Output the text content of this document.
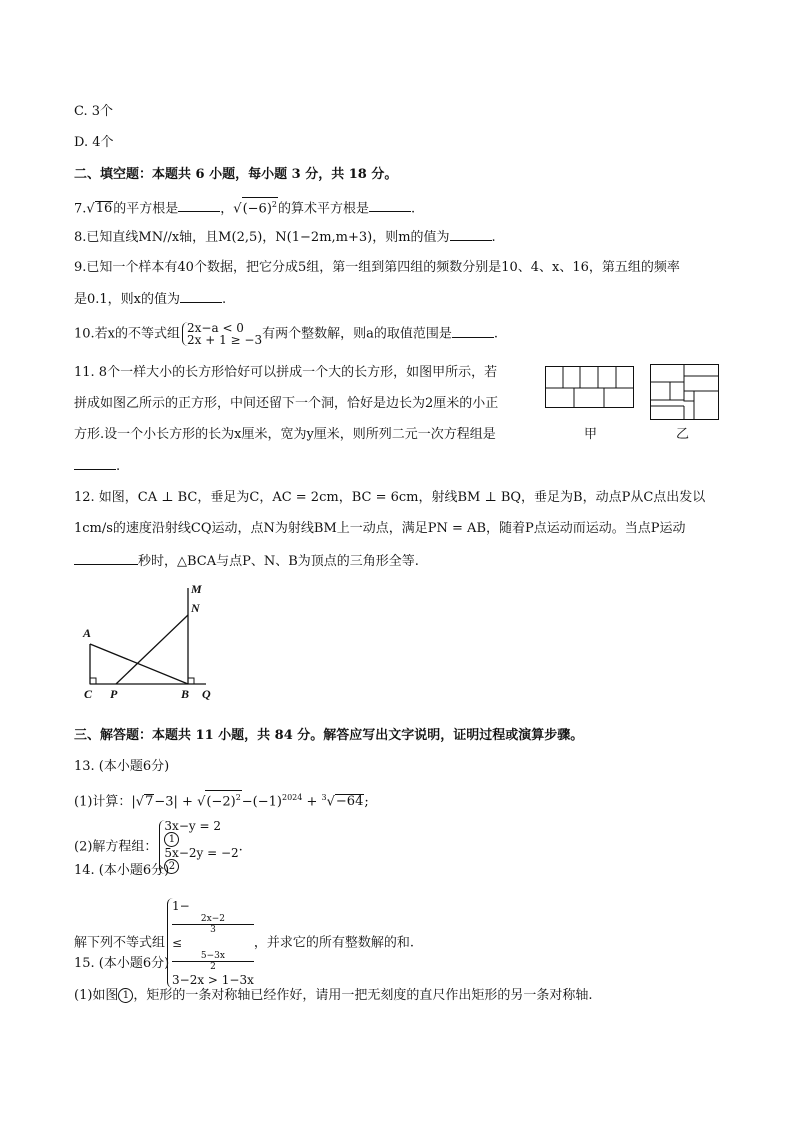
C. 3个
D. 4个
二、填空题：本题共 6 小题，每小题 3 分，共 18 分。
7.√16的平方根是	，$√(-6)^2$的算术平方根是	.
8.已知直线MN//x轴，且M(2,5)，N(1−2m,m+3)，则m的值为	.
9.已知一个样本有40个数据，把它分成5组，第一组到第四组的频数分别是10、4、x、16，第五组的频率
是0.1，则x的值为	.
10.若x的不等式组 2x−a < 0
2x + 1 ≥ −3 有两个整数解，则a的取值范围是	.
11. 8个一样大小的长方形恰好可以拼成一个大的长方形，如图甲所示，若
拼成如图乙所示的正方形，中间还留下一个洞，恰好是边长为2厘米的小正
方形.设一个小长方形的长为x厘米，宽为y厘米，则所列二元一次方程组是
.
甲	乙
12. 如图，CA ⊥ BC，垂足为C，AC = 2cm，BC = 6cm，射线BM ⊥ BQ，垂足为B，动点P从C点出发以
1cm/s的速度沿射线CQ运动，点N为射线BM上一动点，满足PN = AB，随着P点运动而运动。当点P运动
秒时，△BCA与点P、N、B为顶点的三角形全等.
A
C P	B Q
M
N
三、解答题：本题共 11 小题，共 84 分。解答应写出文字说明，证明过程或演算步骤。
13. (本小题6分)
(1)计算：$|√7-3| + √(-2)^2-(-1)^{2024} + ^3√-64$;
(2)解方程组：
3x−y = 2
1
5x−2y = −2
2
.
14. (本小题6分)
解下列不等式组
1−
2x−2
3
≤
5−3x
2
3−2x > 1−3x
，并求它的所有整数解的和.
15. (本小题6分)
(1)如图 1 ，矩形的一条对称轴已经作好，请用一把无刻度的直尺作出矩形的另一条对称轴.
